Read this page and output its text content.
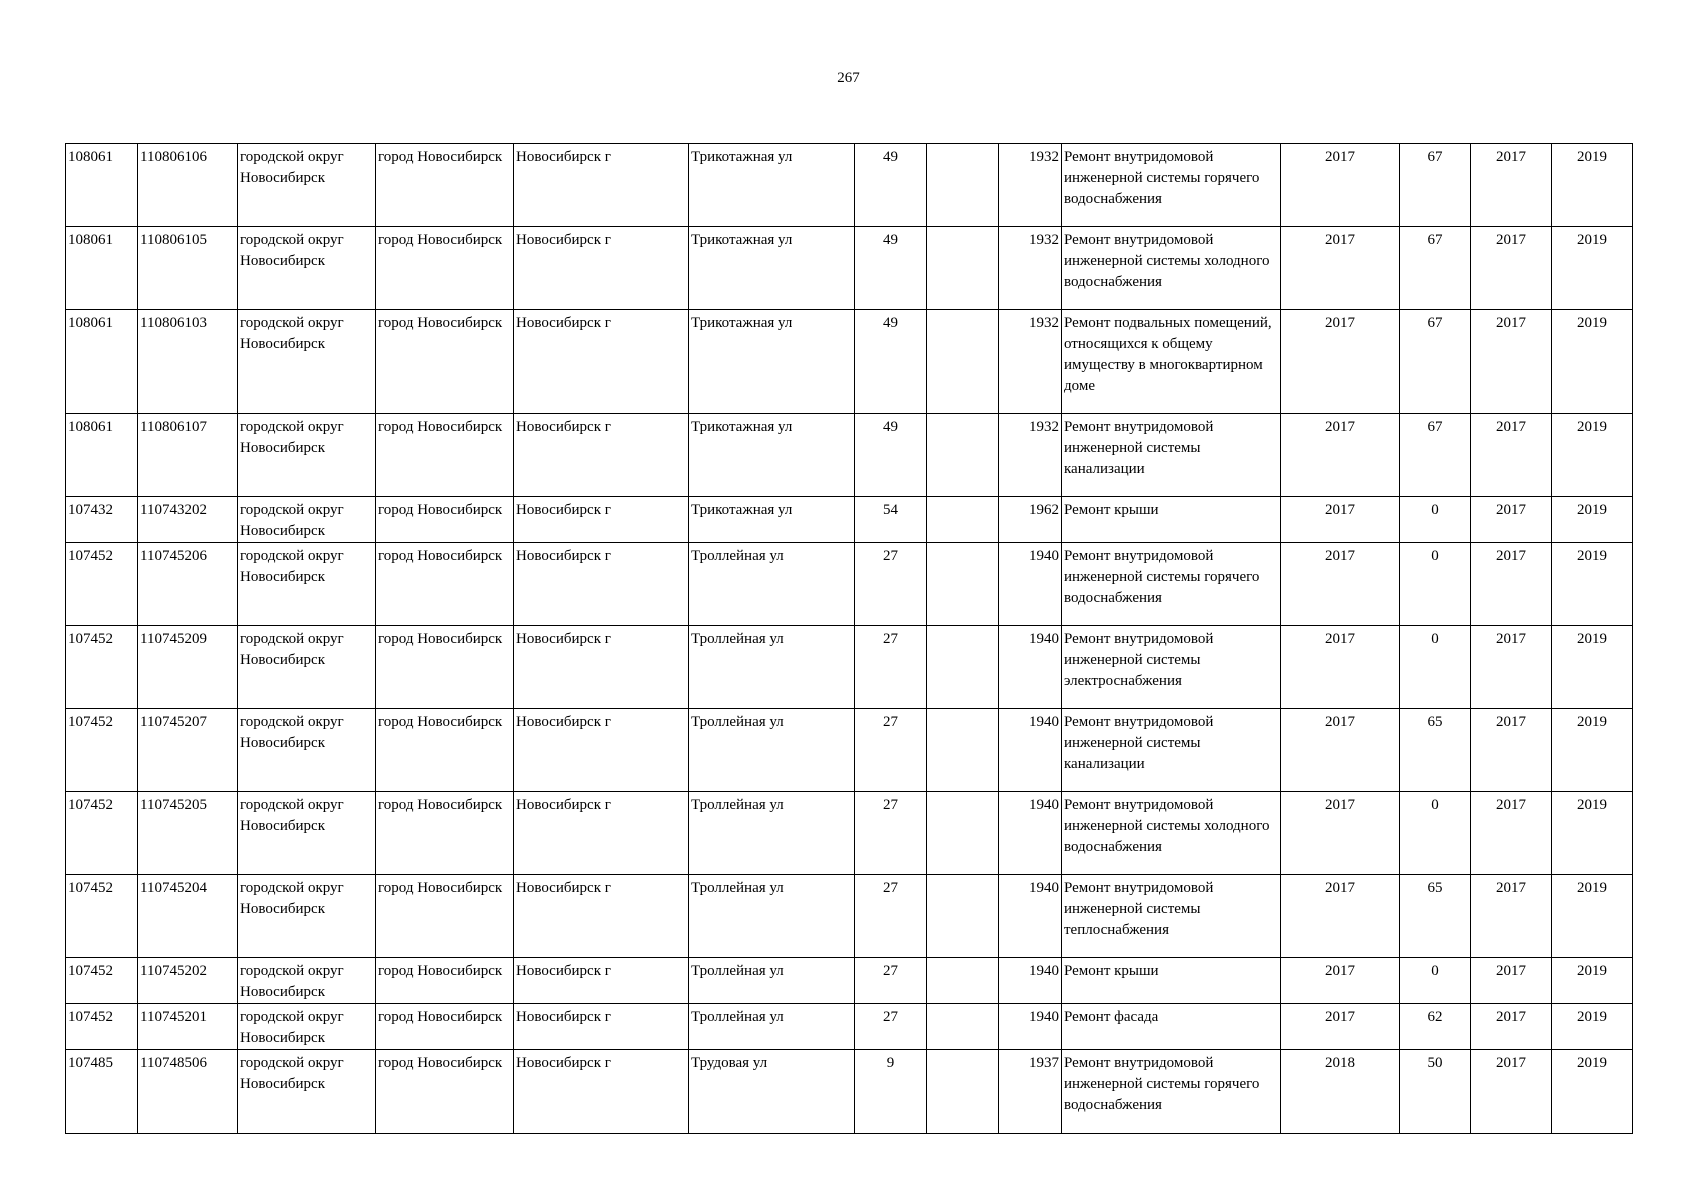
267
108061	110806106	городской округ Новосибирск	город Новосибирск	Новосибирск г	Трикотажная ул	49		1932	Ремонт внутридомовой инженерной системы горячего водоснабжения	2017	67	2017	2019
108061	110806105	городской округ Новосибирск	город Новосибирск	Новосибирск г	Трикотажная ул	49		1932	Ремонт внутридомовой инженерной системы холодного водоснабжения	2017	67	2017	2019
108061	110806103	городской округ Новосибирск	город Новосибирск	Новосибирск г	Трикотажная ул	49		1932	Ремонт подвальных помещений, относящихся к общему имуществу в многоквартирном доме	2017	67	2017	2019
108061	110806107	городской округ Новосибирск	город Новосибирск	Новосибирск г	Трикотажная ул	49		1932	Ремонт внутридомовой инженерной системы канализации	2017	67	2017	2019
107432	110743202	городской округ Новосибирск	город Новосибирск	Новосибирск г	Трикотажная ул	54		1962	Ремонт крыши	2017	0	2017	2019
107452	110745206	городской округ Новосибирск	город Новосибирск	Новосибирск г	Троллейная ул	27		1940	Ремонт внутридомовой инженерной системы горячего водоснабжения	2017	0	2017	2019
107452	110745209	городской округ Новосибирск	город Новосибирск	Новосибирск г	Троллейная ул	27		1940	Ремонт внутридомовой инженерной системы электроснабжения	2017	0	2017	2019
107452	110745207	городской округ Новосибирск	город Новосибирск	Новосибирск г	Троллейная ул	27		1940	Ремонт внутридомовой инженерной системы канализации	2017	65	2017	2019
107452	110745205	городской округ Новосибирск	город Новосибирск	Новосибирск г	Троллейная ул	27		1940	Ремонт внутридомовой инженерной системы холодного водоснабжения	2017	0	2017	2019
107452	110745204	городской округ Новосибирск	город Новосибирск	Новосибирск г	Троллейная ул	27		1940	Ремонт внутридомовой инженерной системы теплоснабжения	2017	65	2017	2019
107452	110745202	городской округ Новосибирск	город Новосибирск	Новосибирск г	Троллейная ул	27		1940	Ремонт крыши	2017	0	2017	2019
107452	110745201	городской округ Новосибирск	город Новосибирск	Новосибирск г	Троллейная ул	27		1940	Ремонт фасада	2017	62	2017	2019
107485	110748506	городской округ Новосибирск	город Новосибирск	Новосибирск г	Трудовая ул	9		1937	Ремонт внутридомовой инженерной системы горячего водоснабжения	2018	50	2017	2019
